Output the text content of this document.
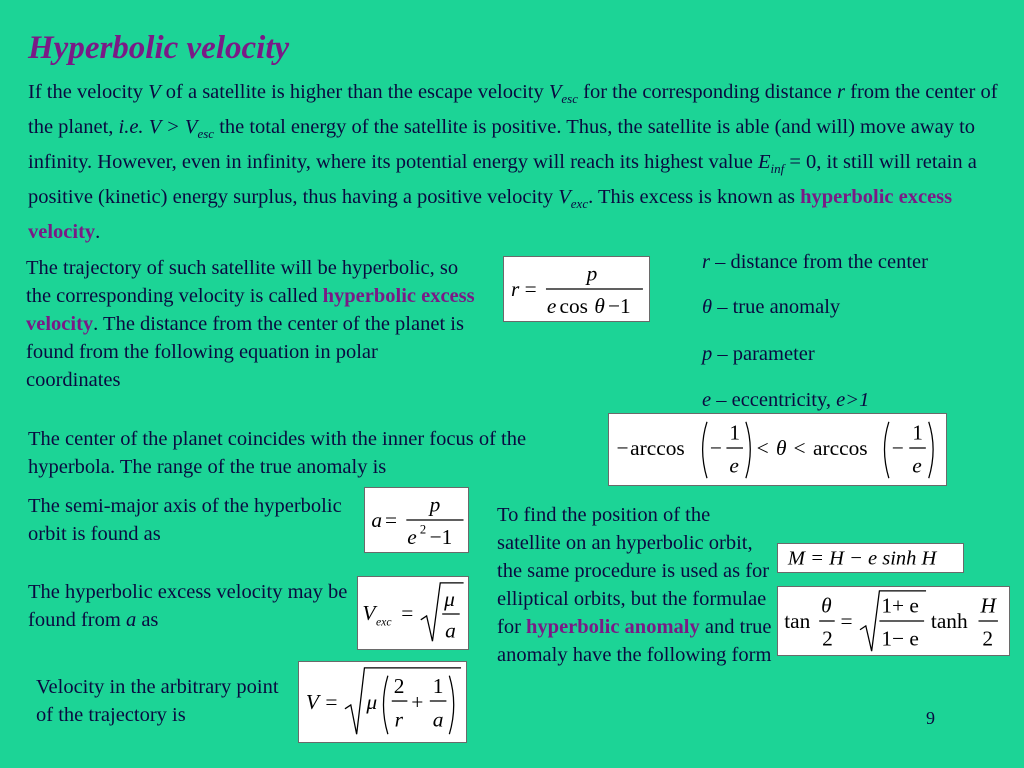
Hyperbolic velocity

If the velocity V of a satellite is higher than the escape velocity $V_{esc}$ for the corresponding distance r from the center of the planet, i.e. $V > V_{esc}$ the total energy of the satellite is positive. Thus, the satellite is able (and will) move away to infinity. However, even in infinity, where its potential energy will reach its highest value $E_{inf} = 0$, it still will retain a positive (kinetic) energy surplus, thus having a positive velocity $V_{exc}$. This excess is known as hyperbolic excess velocity.

The trajectory of such satellite will be hyperbolic, so the corresponding velocity is called hyperbolic excess velocity. The distance from the center of the planet is found from the following equation in polar coordinates

r – distance from the center
θ – true anomaly
p – parameter
e – eccentricity, e>1

The center of the planet coincides with the inner focus of the hyperbola. The range of the true anomaly is

The semi-major axis of the hyperbolic orbit is found as

The hyperbolic excess velocity may be found from a as

Velocity in the arbitrary point of the trajectory is

To find the position of the satellite on an hyperbolic orbit, the same procedure is used as for elliptical orbits, but the formulae for hyperbolic anomaly and true anomaly have the following form

r =
p
e cos θ −1
− arccos −
1
e
< θ < arccos −
1
e
a =
p
e 2 −1
V exc =
μ
a
V = μ
2
r
+
1
a
M = H − e sinh H
tan
θ
2
=
1+ e
1− e
tanh
H
2
9
